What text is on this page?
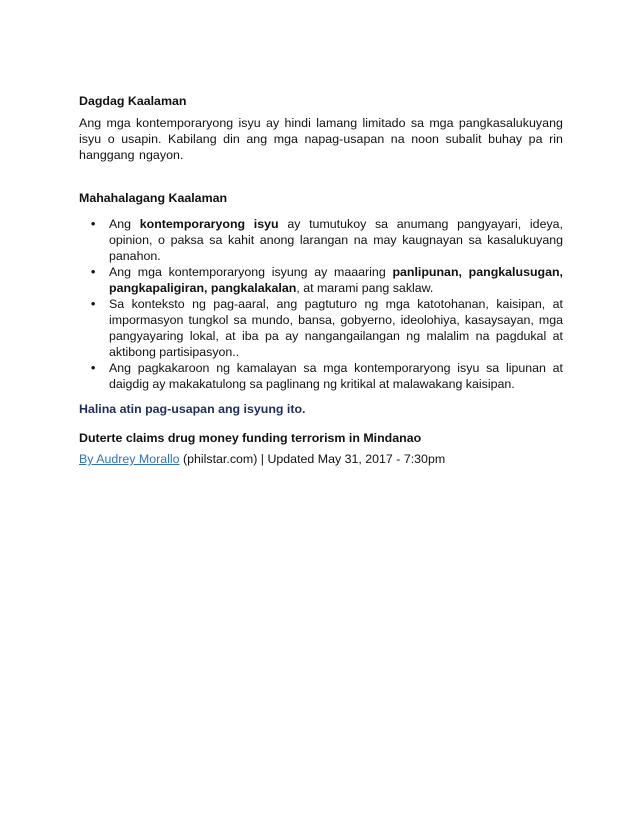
Dagdag Kaalaman

Ang mga kontemporaryong isyu ay hindi lamang limitado sa mga pangkasalukuyang isyu o usapin. Kabilang din ang mga napag-usapan na noon subalit buhay pa rin hanggang ngayon.

Mahahalagang Kaalaman

• Ang kontemporaryong isyu ay tumutukoy sa anumang pangyayari, ideya, opinion, o paksa sa kahit anong larangan na may kaugnayan sa kasalukuyang panahon.
• Ang mga kontemporaryong isyung ay maaaring panlipunan, pangkalusugan, pangkapaligiran, pangkalakalan, at marami pang saklaw.
• Sa konteksto ng pag-aaral, ang pagtuturo ng mga katotohanan, kaisipan, at impormasyon tungkol sa mundo, bansa, gobyerno, ideolohiya, kasaysayan, mga pangyayaring lokal, at iba pa ay nangangailangan ng malalim na pagdukal at aktibong partisipasyon..
• Ang pagkakaroon ng kamalayan sa mga kontemporaryong isyu sa lipunan at daigdig ay makakatulong sa paglinang ng kritikal at malawakang kaisipan.

Halina atin pag-usapan ang isyung ito.

Duterte claims drug money funding terrorism in Mindanao

By Audrey Morallo (philstar.com) | Updated May 31, 2017 - 7:30pm
